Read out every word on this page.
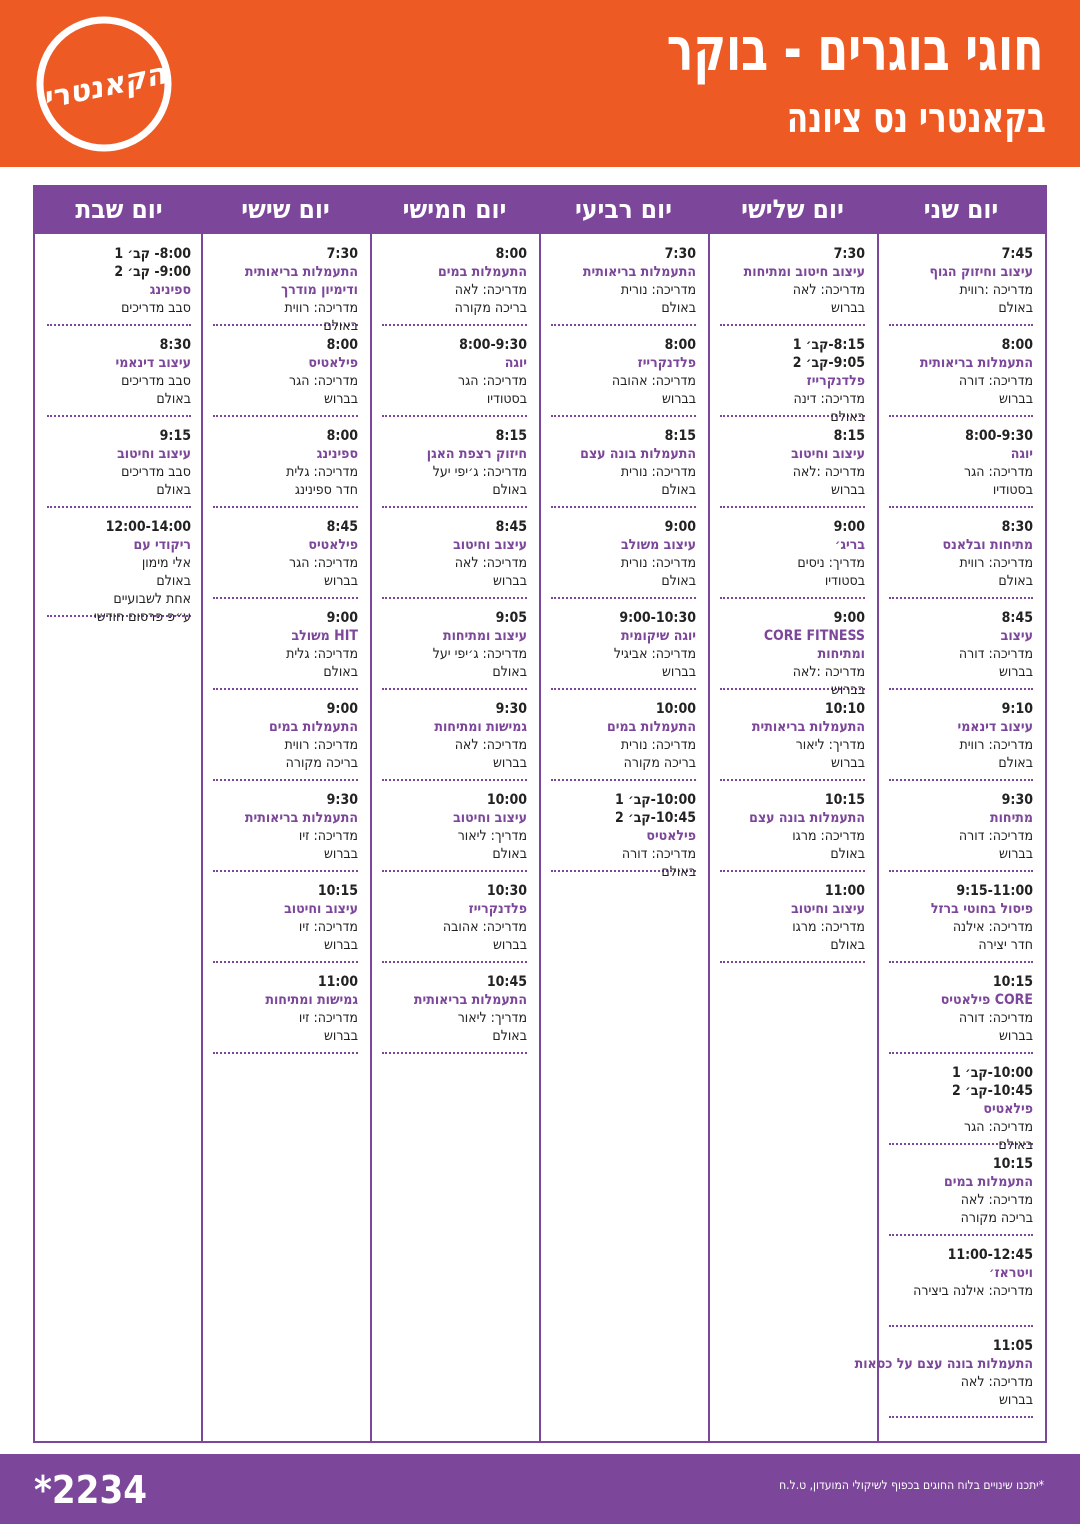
חוגי בוגרים - בוקר
בקאנטרי נס ציונה
הקאנטרי
יום שני
7:45
עיצוב וחיזוק הגוף
מדריכה :רווית
באולם
8:00
התעמלות בריאותית
מדריכה: דורה
בברוש
8:00-9:30
יוגה
מדריכה: הגר
בסטודיו
8:30
מתיחות ובלאנס
מדריכה: רווית
באולם
8:45
עיצוב
מדריכה: דורה
בברוש
9:10
עיצוב דינאמי
מדריכה: רווית
באולם
9:30
מתיחות
מדריכה: דורה
בברוש
9:15-11:00
פיסול בחוטי ברזל
מדריכה: אילנה
חדר יצירה
10:15
CORE פילאטיס
מדריכה: דורה
בברוש
10:00-קב׳ 1
10:45-קב׳ 2
פילאטיס
מדריכה: הגר
באולם
10:15
התעמלות במים
מדריכה: לאה
בריכה מקורה
11:00-12:45
ויטראז׳
מדריכה: אילנה ביצירה
11:05
התעמלות בונה עצם על כסאות
מדריכה: לאה
בברוש
יום שלישי
7:30
עיצוב חיטוב ומתיחות
מדריכה: לאה
בברוש
8:15-קב׳ 1
9:05-קב׳ 2
פלדנקרייז
מדריכה: דינה
באולם
8:15
עיצוב וחיטוב
מדריכה :לאה
בברוש
9:00
בריג׳
מדריך: ניסים
בסטודיו
9:00
CORE FITNESS
ומתיחות
מדריכה :לאה
בברוש
10:10
התעמלות בריאותית
מדריך: ליאור
בברוש
10:15
התעמלות בונה עצם
מדריכה: מרגו
באולם
11:00
עיצוב וחיטוב
מדריכה: מרגו
באולם
יום רביעי
7:30
התעמלות בריאותית
מדריכה: נורית
באולם
8:00
פלדנקרייז
מדריכה: אהובה
בברוש
8:15
התעמלות בונה עצם
מדריכה: נורית
באולם
9:00
עיצוב משולב
מדריכה: נורית
באולם
9:00-10:30
יוגה שיקומית
מדריכה: אביגיל
בברוש
10:00
התעמלות במים
מדריכה: נורית
בריכה מקורה
10:00-קב׳ 1
10:45-קב׳ 2
פילאטיס
מדריכה: דורה
באולם
יום חמישי
8:00
התעמלות במים
מדריכה: לאה
בריכה מקורה
8:00-9:30
יוגה
מדריכה: הגר
בסטודיו
8:15
חיזוק רצפת האגן
מדריכה: ג׳יפי יעל
באולם
8:45
עיצוב וחיטוב
מדריכה: לאה
בברוש
9:05
עיצוב ומתיחות
מדריכה: ג׳יפי יעל
באולם
9:30
גמישות ומתיחות
מדריכה: לאה
בברוש
10:00
עיצוב וחיטוב
מדריך: ליאור
באולם
10:30
פלדנקרייז
מדריכה: אהובה
בברוש
10:45
התעמלות בריאותית
מדריך: ליאור
באולם
יום שישי
7:30
התעמלות בריאותית
ודימיון מודרך
מדריכה: רווית
באולם
8:00
פילאטיס
מדריכה: הגר
בברוש
8:00
ספינינג
מדריכה: גלית
חדר ספינינג
8:45
פילאטיס
מדריכה: הגר
בברוש
9:00
HIT משולב
מדריכה: גלית
באולם
9:00
התעמלות במים
מדריכה: רווית
בריכה מקורה
9:30
התעמלות בריאותית
מדריכה: זיו
בברוש
10:15
עיצוב וחיטוב
מדריכה: זיו
בברוש
11:00
גמישות ומתיחות
מדריכה: זיו
בברוש
יום שבת
8:00- קב׳ 1
9:00- קב׳ 2
ספינינג
סבב מדריכים
8:30
עיצוב דינאמי
סבב מדריכים
באולם
9:15
עיצוב וחיטוב
סבב מדריכים
באולם
12:00-14:00
ריקודי עם
אלי מימון
באולם
אחת לשבועיים
ע״פ פרסום חודשי
*2234	*יתכנו שינויים בלוח החוגים בכפוף לשיקולי המועדון, ט.ל.ח
